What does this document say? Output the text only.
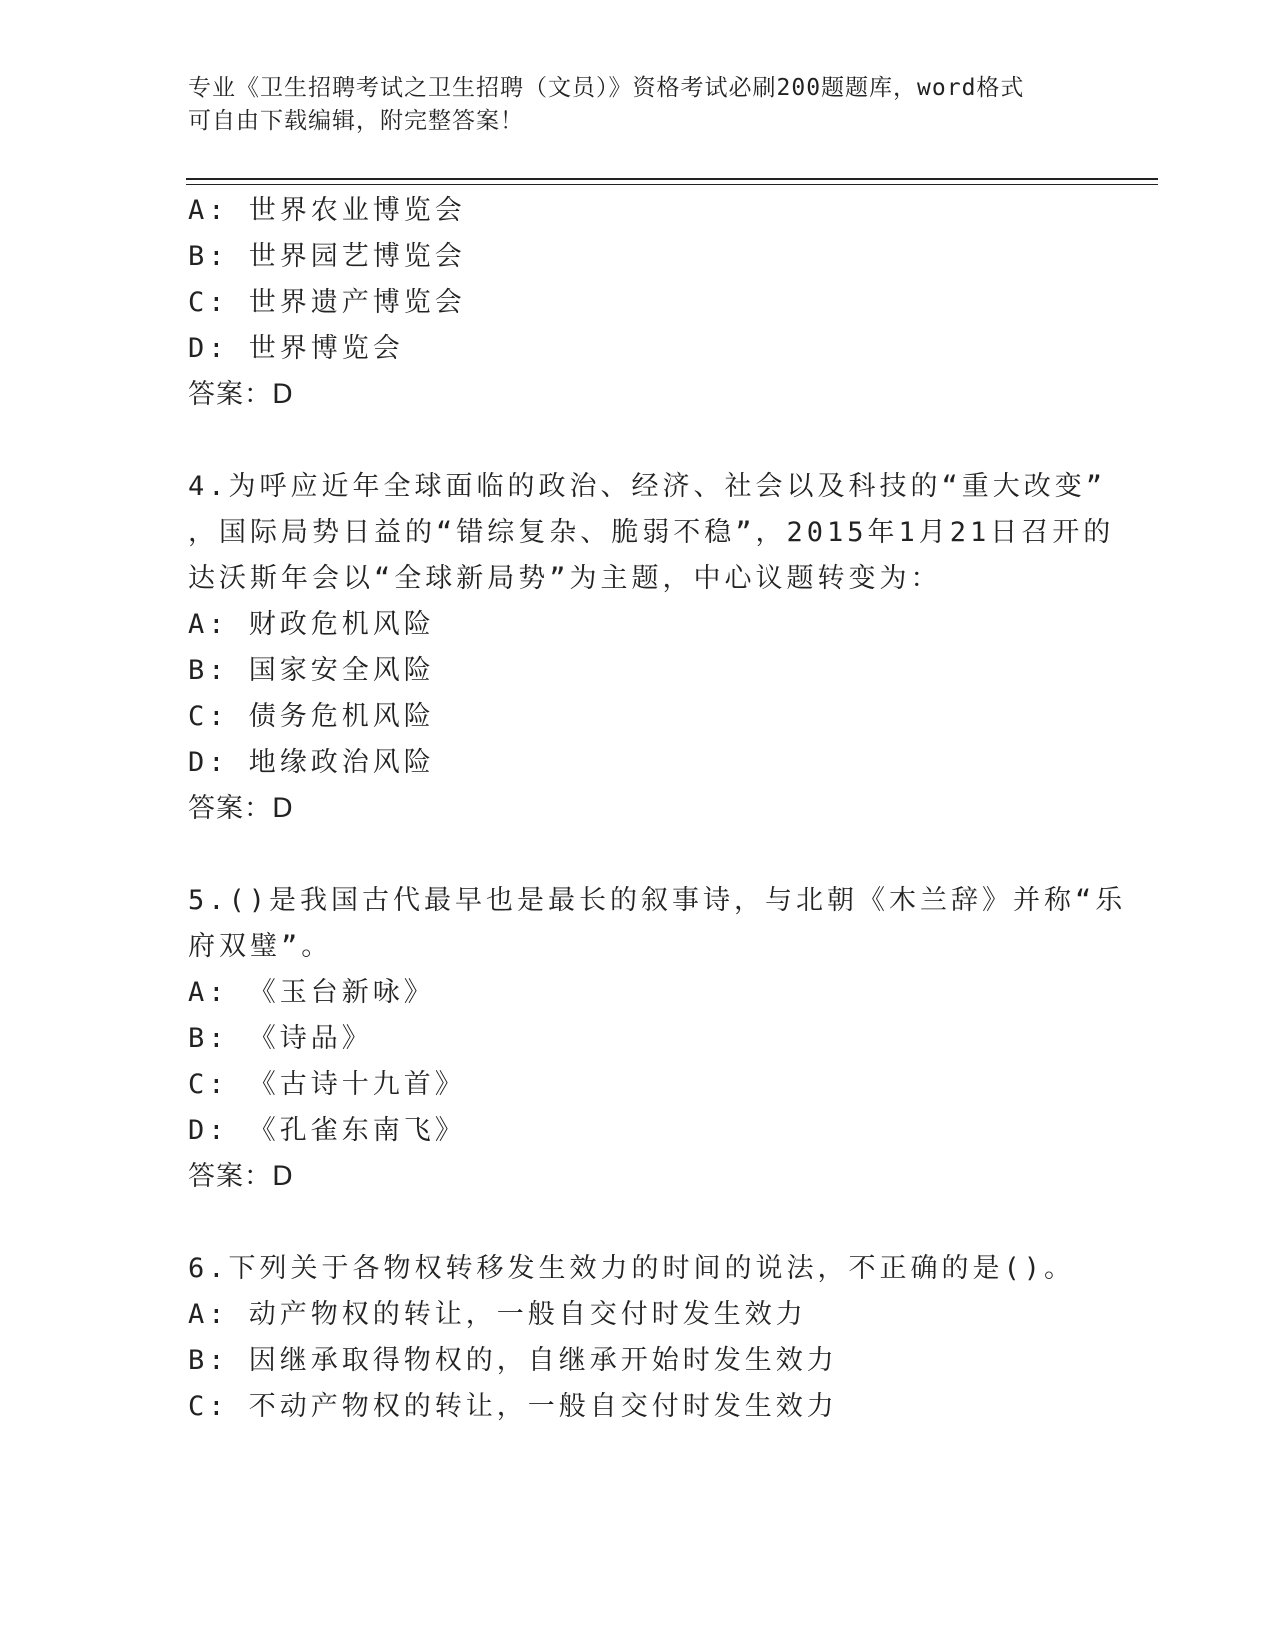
专业《卫生招聘考试之卫生招聘（文员）》资格考试必刷200题题库，word格式
可自由下载编辑，附完整答案！
A: 世界农业博览会
B: 世界园艺博览会
C: 世界遗产博览会
D: 世界博览会
答案：D
4.为呼应近年全球面临的政治、经济、社会以及科技的“重大改变”
，国际局势日益的“错综复杂、脆弱不稳”，2015年1月21日召开的
达沃斯年会以“全球新局势”为主题，中心议题转变为：
A: 财政危机风险
B: 国家安全风险
C: 债务危机风险
D: 地缘政治风险
答案：D
5.()是我国古代最早也是最长的叙事诗，与北朝《木兰辞》并称“乐
府双璧”。
A: 《玉台新咏》
B: 《诗品》
C: 《古诗十九首》
D: 《孔雀东南飞》
答案：D
6.下列关于各物权转移发生效力的时间的说法，不正确的是()。
A: 动产物权的转让，一般自交付时发生效力
B: 因继承取得物权的，自继承开始时发生效力
C: 不动产物权的转让，一般自交付时发生效力
